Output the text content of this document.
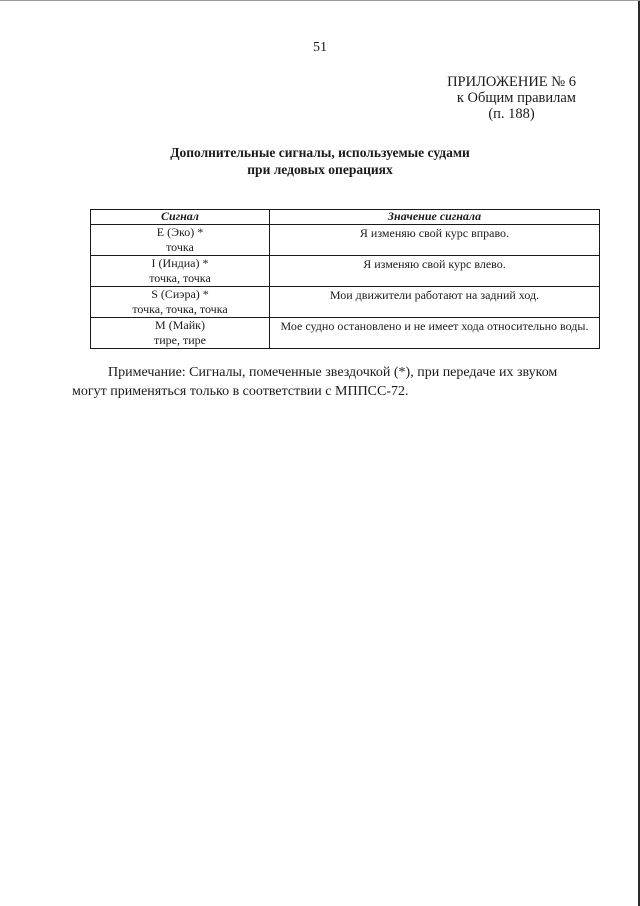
51
ПРИЛОЖЕНИЕ № 6
к Общим правилам
(п. 188)
Дополнительные сигналы, используемые судами
при ледовых операциях
Сигнал	Значение сигнала

E (Эко) *
точка	Я изменяю свой курс вправо.

I (Индиа) *
точка, точка	Я изменяю свой курс влево.

S (Сиэра) *
точка, точка, точка	Мои движители работают на задний ход.

M (Майк)
тире, тире	Мое судно остановлено и не имеет хода относительно воды.
Примечание: Сигналы, помеченные звездочкой (*), при передаче их звуком
могут применяться только в соответствии с МППСС-72.
